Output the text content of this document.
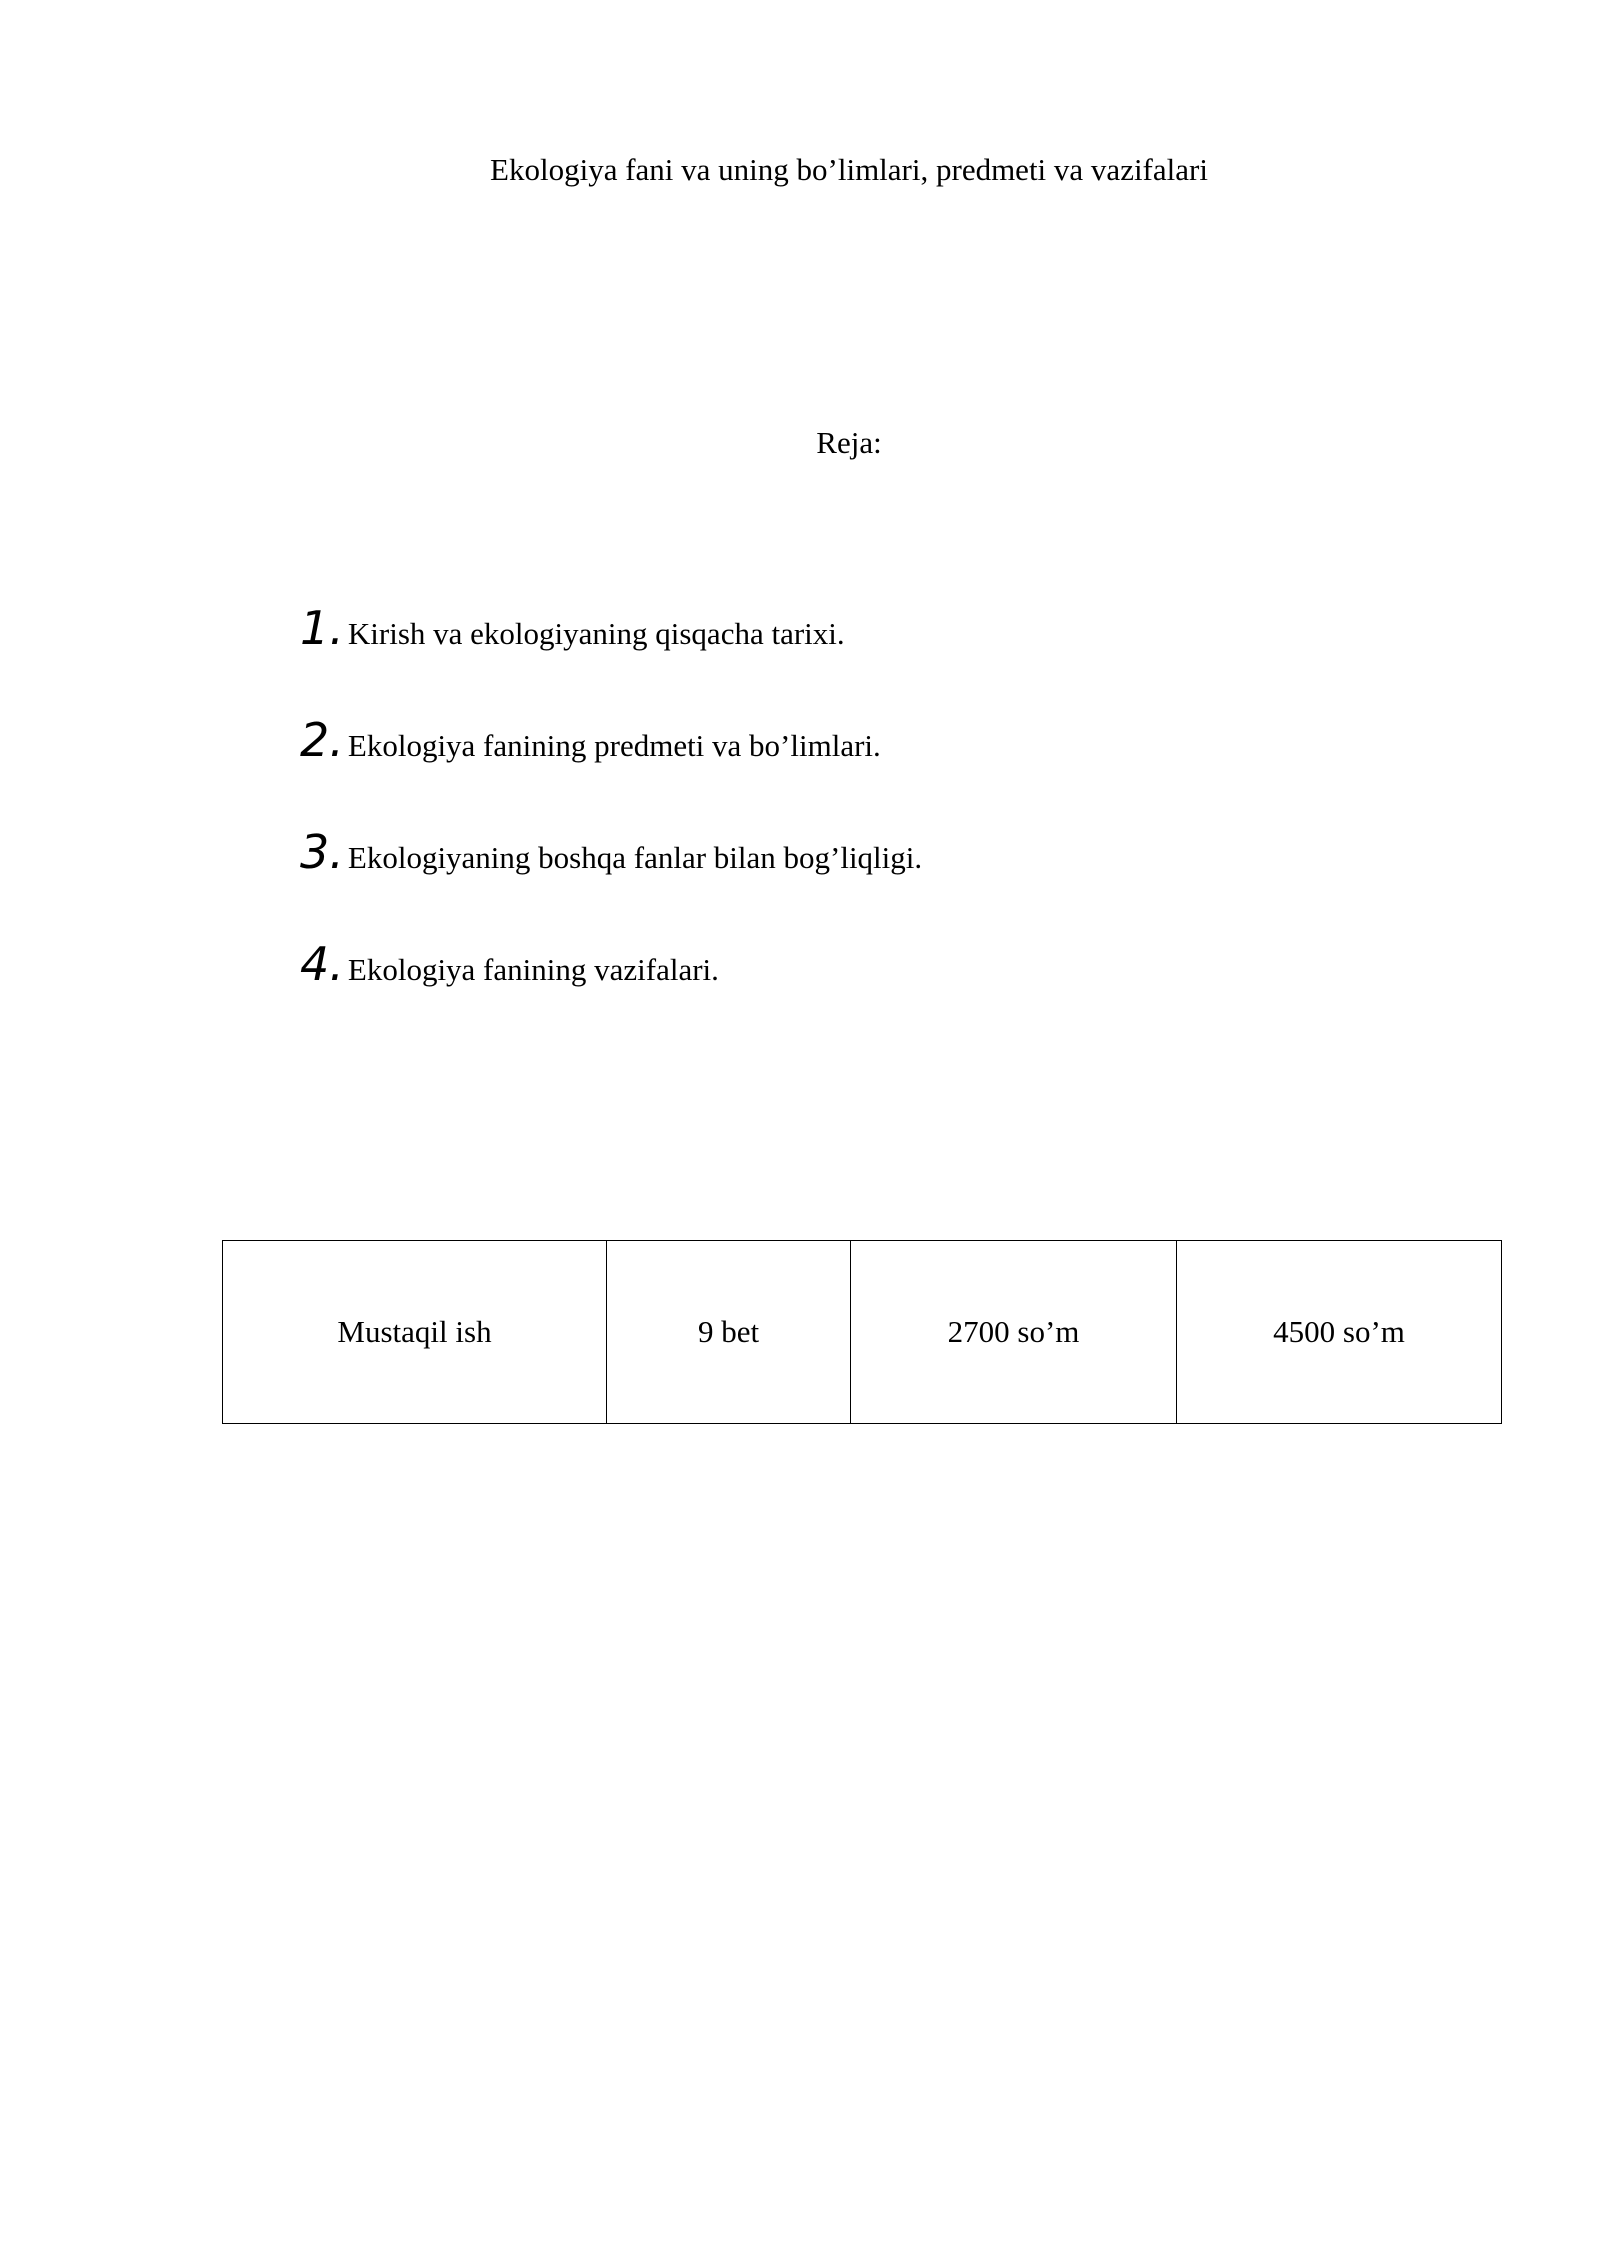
Ekologiya fani va uning bo’limlari, predmeti va vazifalari
Reja:
1. Kirish va ekologiyaning qisqacha tarixi.
2. Ekologiya fanining predmeti va bo’limlari.
3. Ekologiyaning boshqa fanlar bilan bog’liqligi.
4. Ekologiya fanining vazifalari.
Mustaqil ish	9 bet	2700 so’m	4500 so’m
